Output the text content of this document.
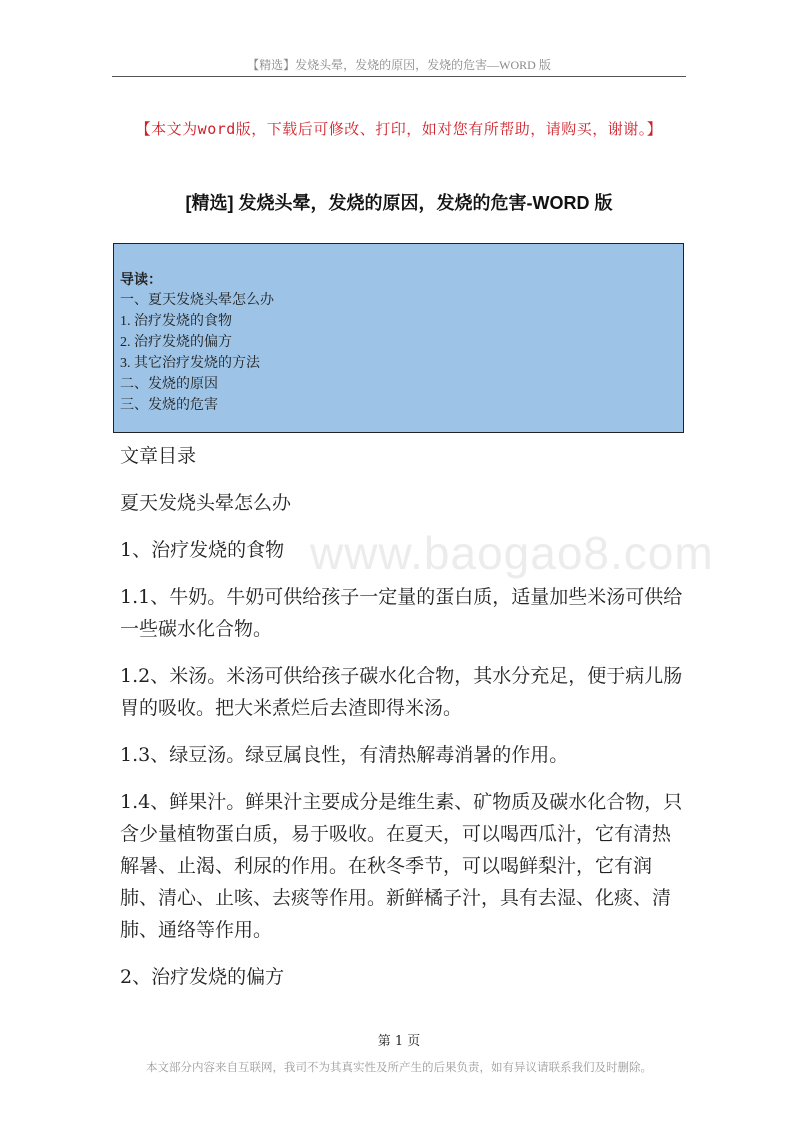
【精选】发烧头晕，发烧的原因，发烧的危害—WORD 版
【本文为word版，下载后可修改、打印，如对您有所帮助，请购买，谢谢。】
[精选] 发烧头晕，发烧的原因，发烧的危害-WORD 版
导读：
一、夏天发烧头晕怎么办
1. 治疗发烧的食物
2. 治疗发烧的偏方
3. 其它治疗发烧的方法
二、发烧的原因
三、发烧的危害

文章目录

夏天发烧头晕怎么办

1、治疗发烧的食物

1.1、牛奶。牛奶可供给孩子一定量的蛋白质，适量加些米汤可供给一些碳水化合物。

1.2、米汤。米汤可供给孩子碳水化合物，其水分充足，便于病儿肠胃的吸收。把大米煮烂后去渣即得米汤。

1.3、绿豆汤。绿豆属良性，有清热解毒消暑的作用。

1.4、鲜果汁。鲜果汁主要成分是维生素、矿物质及碳水化合物，只含少量植物蛋白质，易于吸收。在夏天，可以喝西瓜汁，它有清热解暑、止渴、利尿的作用。在秋冬季节，可以喝鲜梨汁，它有润肺、清心、止咳、去痰等作用。新鲜橘子汁，具有去湿、化痰、清肺、通络等作用。

2、治疗发烧的偏方

www.baogao8.com
第 1 页
本文部分内容来自互联网，我司不为其真实性及所产生的后果负责，如有异议请联系我们及时删除。
